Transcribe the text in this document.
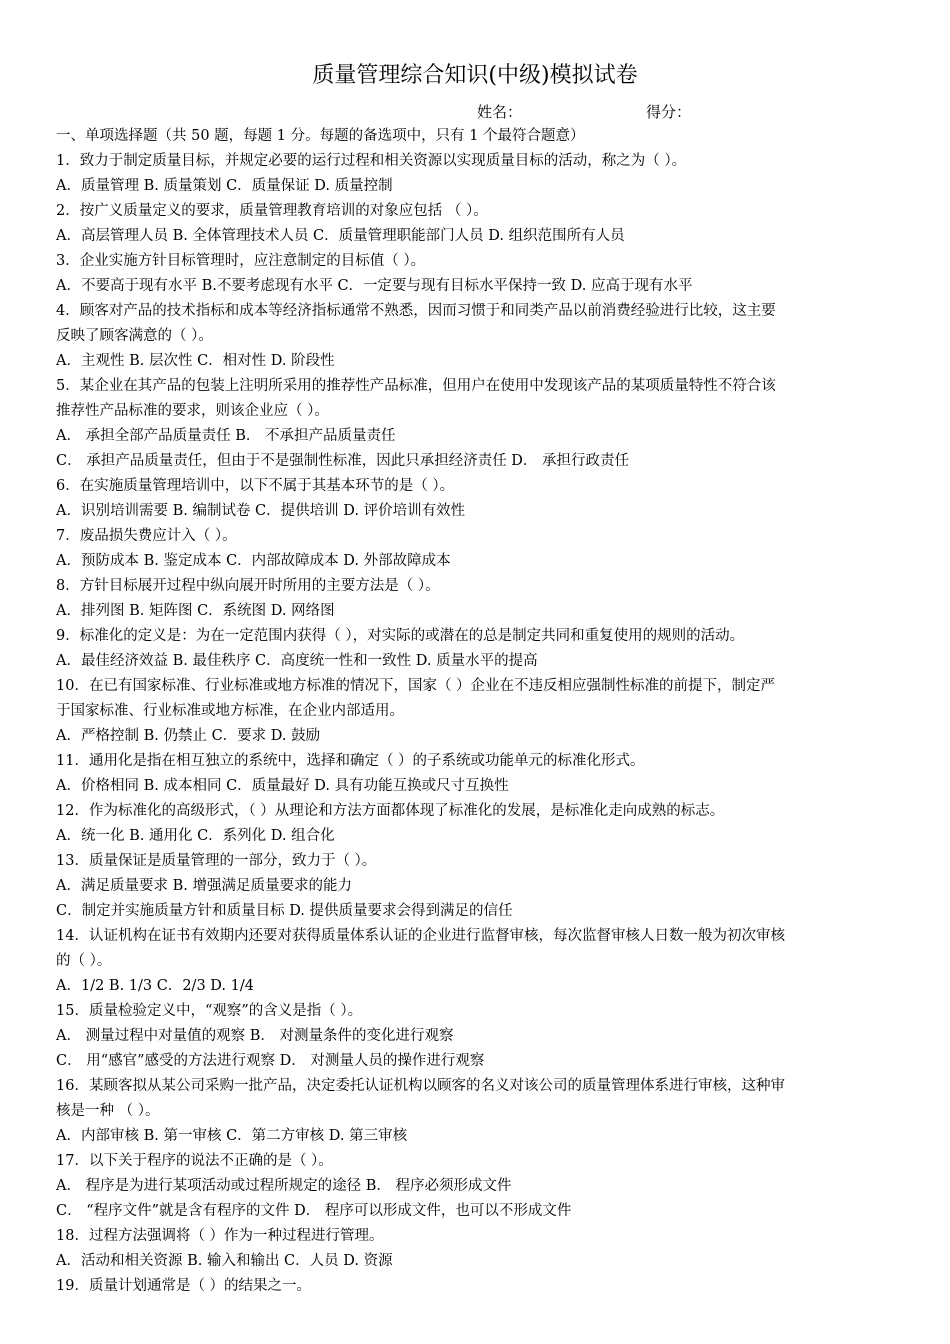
质量管理综合知识(中级)模拟试卷
姓名：	得分：
一、单项选择题（共 50 题，每题 1 分。每题的备选项中，只有 1 个最符合题意）
1．致力于制定质量目标，并规定必要的运行过程和相关资源以实现质量目标的活动，称之为（ ）。
A．质量管理 B. 质量策划 C．质量保证 D. 质量控制
2．按广义质量定义的要求，质量管理教育培训的对象应包括 （ ）。
A．高层管理人员 B. 全体管理技术人员 C．质量管理职能部门人员 D. 组织范围所有人员
3．企业实施方针目标管理时，应注意制定的目标值（ ）。
A．不要高于现有水平 B.不要考虑现有水平 C．一定要与现有目标水平保持一致 D. 应高于现有水平
4．顾客对产品的技术指标和成本等经济指标通常不熟悉，因而习惯于和同类产品以前消费经验进行比较，这主要
反映了顾客满意的（ ）。
A．主观性 B. 层次性 C．相对性 D. 阶段性
5．某企业在其产品的包装上注明所采用的推荐性产品标准，但用户在使用中发现该产品的某项质量特性不符合该
推荐性产品标准的要求，则该企业应（ ）。
A． 承担全部产品质量责任 B． 不承担产品质量责任
C． 承担产品质量责任，但由于不是强制性标准，因此只承担经济责任 D． 承担行政责任
6．在实施质量管理培训中，以下不属于其基本环节的是（ ）。
A．识别培训需要 B. 编制试卷 C．提供培训 D. 评价培训有效性
7．废品损失费应计入（ ）。
A．预防成本 B. 鉴定成本 C．内部故障成本 D. 外部故障成本
8．方针目标展开过程中纵向展开时所用的主要方法是（ ）。
A．排列图 B. 矩阵图 C．系统图 D. 网络图
9．标准化的定义是：为在一定范围内获得（ ），对实际的或潜在的总是制定共同和重复使用的规则的活动。
A．最佳经济效益 B. 最佳秩序 C．高度统一性和一致性 D. 质量水平的提高
10．在已有国家标准、行业标准或地方标准的情况下，国家（ ）企业在不违反相应强制性标准的前提下，制定严
于国家标准、行业标准或地方标准，在企业内部适用。
A．严格控制 B. 仍禁止 C．要求 D. 鼓励
11．通用化是指在相互独立的系统中，选择和确定（ ）的子系统或功能单元的标准化形式。
A．价格相同 B. 成本相同 C．质量最好 D. 具有功能互换或尺寸互换性
12．作为标准化的高级形式，（ ）从理论和方法方面都体现了标准化的发展，是标准化走向成熟的标志。
A．统一化 B. 通用化 C．系列化 D. 组合化
13．质量保证是质量管理的一部分，致力于（ ）。
A．满足质量要求 B. 增强满足质量要求的能力
C．制定并实施质量方针和质量目标 D. 提供质量要求会得到满足的信任
14．认证机构在证书有效期内还要对获得质量体系认证的企业进行监督审核，每次监督审核人日数一般为初次审核
的（ ）。
A．1/2 B. 1/3 C．2/3 D. 1/4
15．质量检验定义中，“观察”的含义是指（ ）。
A． 测量过程中对量值的观察 B． 对测量条件的变化进行观察
C． 用“感官”感受的方法进行观察 D． 对测量人员的操作进行观察
16．某顾客拟从某公司采购一批产品，决定委托认证机构以顾客的名义对该公司的质量管理体系进行审核，这种审
核是一种 （ ）。
A．内部审核 B. 第一审核 C．第二方审核 D. 第三审核
17．以下关于程序的说法不正确的是（ ）。
A． 程序是为进行某项活动或过程所规定的途径 B． 程序必须形成文件
C． “程序文件”就是含有程序的文件 D． 程序可以形成文件，也可以不形成文件
18．过程方法强调将（ ）作为一种过程进行管理。
A．活动和相关资源 B. 输入和输出 C．人员 D. 资源
19．质量计划通常是（ ）的结果之一。
